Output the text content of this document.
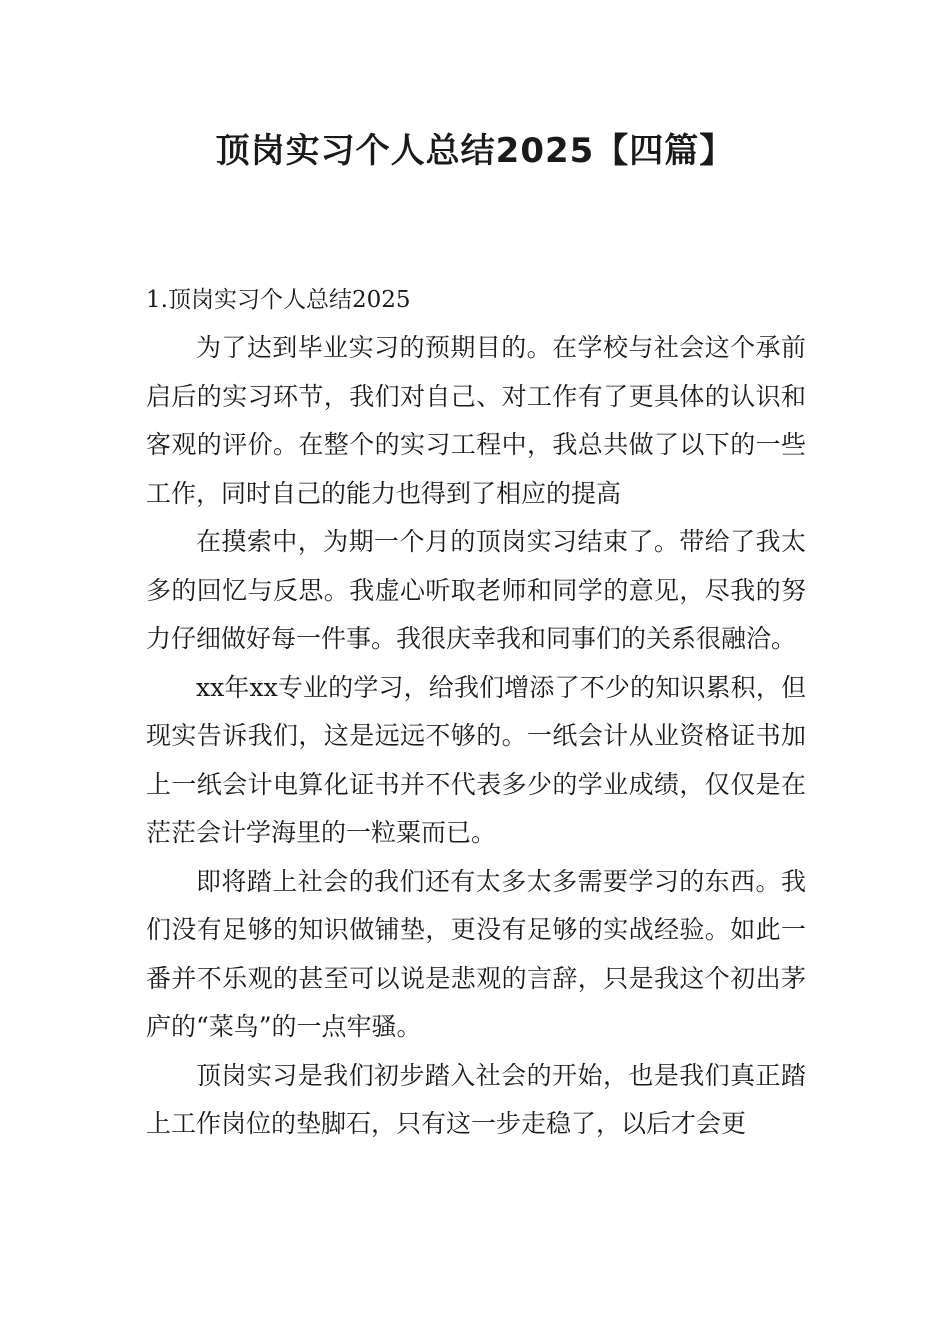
顶岗实习个人总结2025【四篇】

1.顶岗实习个人总结2025

为了达到毕业实习的预期目的。在学校与社会这个承前启后的实习环节，我们对自己、对工作有了更具体的认识和客观的评价。在整个的实习工程中，我总共做了以下的一些工作，同时自己的能力也得到了相应的提高

在摸索中，为期一个月的顶岗实习结束了。带给了我太多的回忆与反思。我虚心听取老师和同学的意见，尽我的努力仔细做好每一件事。我很庆幸我和同事们的关系很融洽。

xx年xx专业的学习，给我们增添了不少的知识累积，但现实告诉我们，这是远远不够的。一纸会计从业资格证书加上一纸会计电算化证书并不代表多少的学业成绩，仅仅是在茫茫会计学海里的一粒粟而已。

即将踏上社会的我们还有太多太多需要学习的东西。我们没有足够的知识做铺垫，更没有足够的实战经验。如此一番并不乐观的甚至可以说是悲观的言辞，只是我这个初出茅庐的“菜鸟”的一点牢骚。

顶岗实习是我们初步踏入社会的开始，也是我们真正踏上工作岗位的垫脚石，只有这一步走稳了，以后才会更
